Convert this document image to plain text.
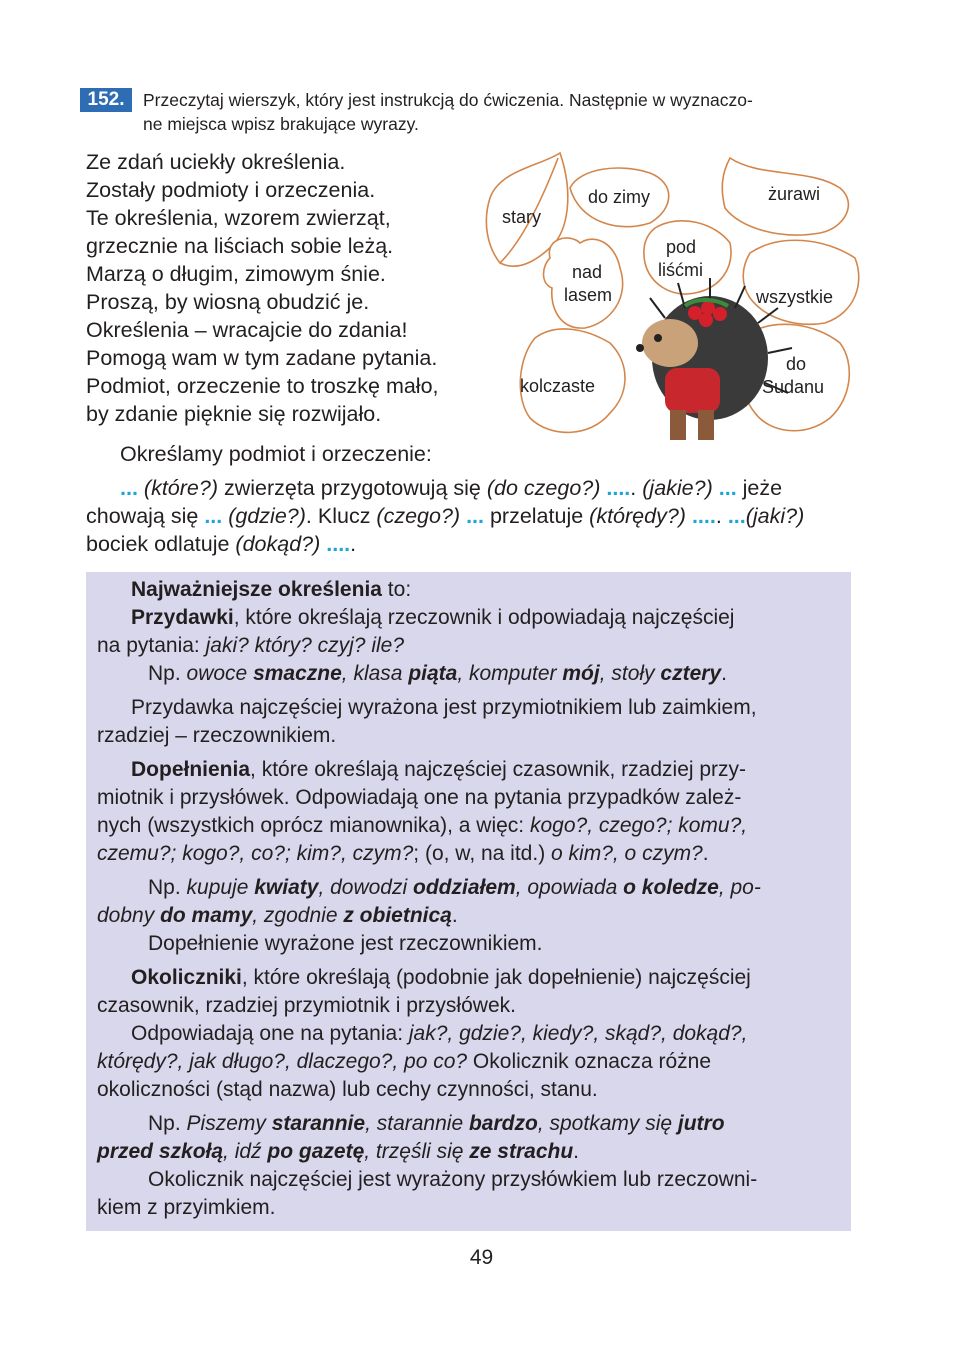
152.	Przeczytaj wierszyk, który jest instrukcją do ćwiczenia. Następnie w wyznaczo-
ne miejsca wpisz brakujące wyrazy.
Ze zdań uciekły określenia.
Zostały podmioty i orzeczenia.
Te określenia, wzorem zwierząt,
grzecznie na liściach sobie leżą.
Marzą o długim, zimowym śnie.
Proszą, by wiosną obudzić je.
Określenia – wracajcie do zdania!
Pomogą wam w tym zadane pytania.
Podmiot, orzeczenie to troszkę mało,
by zdanie pięknie się rozwijało.
stary
do zimy	żurawi
pod
liśćmi
nad
lasem	wszystkie
do
Sudanu
kolczaste
Określamy podmiot i orzeczenie:
... (które?) zwierzęta przygotowują się (do czego?) ..... (jakie?) ... jeże
chowają się ... (gdzie?). Klucz (czego?) ... przelatuje (którędy?) ..... ...(jaki?)
bociek odlatuje (dokąd?) .....
Najważniejsze określenia to:
Przydawki, które określają rzeczownik i odpowiadają najczęściej
na pytania: jaki? który? czyj? ile?
Np. owoce smaczne, klasa piąta, komputer mój, stoły cztery.
Przydawka najczęściej wyrażona jest przymiotnikiem lub zaimkiem,
rzadziej – rzeczownikiem.
Dopełnienia, które określają najczęściej czasownik, rzadziej przy-
miotnik i przysłówek. Odpowiadają one na pytania przypadków zależ-
nych (wszystkich oprócz mianownika), a więc: kogo?, czego?; komu?,
czemu?; kogo?, co?; kim?, czym?; (o, w, na itd.) o kim?, o czym?.
Np. kupuje kwiaty, dowodzi oddziałem, opowiada o koledze, po-
dobny do mamy, zgodnie z obietnicą.
Dopełnienie wyrażone jest rzeczownikiem.
Okoliczniki, które określają (podobnie jak dopełnienie) najczęściej
czasownik, rzadziej przymiotnik i przysłówek.
Odpowiadają one na pytania: jak?, gdzie?, kiedy?, skąd?, dokąd?,
którędy?, jak długo?, dlaczego?, po co? Okolicznik oznacza różne
okoliczności (stąd nazwa) lub cechy czynności, stanu.
Np. Piszemy starannie, starannie bardzo, spotkamy się jutro
przed szkołą, idź po gazetę, trzęśli się ze strachu.
Okolicznik najczęściej jest wyrażony przysłówkiem lub rzeczowni-
kiem z przyimkiem.
49
